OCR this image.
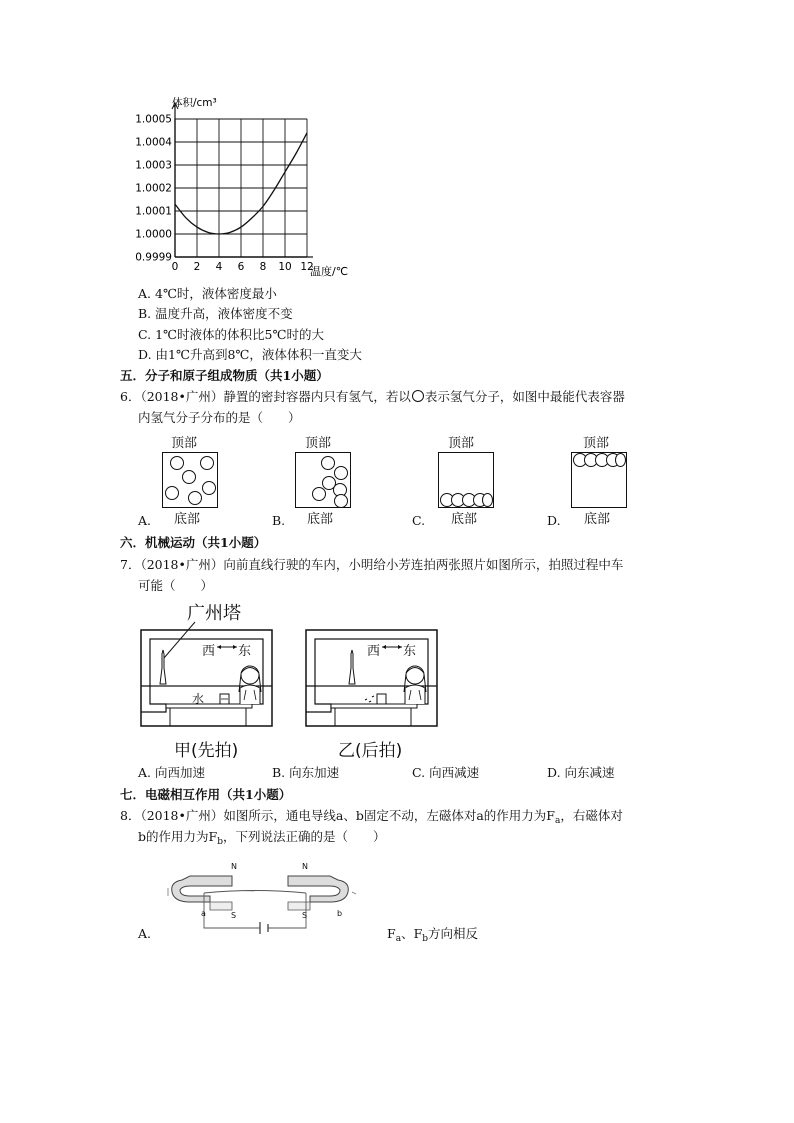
0 2 4 6 8 10 12
0.9999
1.0000
1.0001
1.0002
1.0003
1.0004
1.0005
体积/cm³
温度/℃
A. 4℃时，液体密度最小
B. 温度升高，液体密度不变
C. 1℃时液体的体积比5℃时的大
D. 由1℃升高到8℃，液体体积一直变大
五．分子和原子组成物质（共1小题）
6．（2018•广州）静置的密封容器内只有氢气，若以 表示氢气分子，如图中最能代表容器
内氢气分子分布的是（　　）
顶部
A. 底部
顶部
B. 底部
顶部
C. 底部
顶部
D. 底部
六．机械运动（共1小题）
7．（2018•广州）向前直线行驶的车内，小明给小芳连拍两张照片如图所示，拍照过程中车
可能（　　）
广州塔
西 东
水
甲(先拍)
西 东
乙(后拍)
A. 向西加速	B. 向东加速	C. 向西减速	D. 向东减速
七．电磁相互作用（共1小题）
8．（2018•广州）如图所示，通电导线a、b固定不动，左磁体对a的作用力为$F_a$，右磁体对
b的作用力为$F_b$，下列说法正确的是（　　）
N	N
S	S
a	b
A.	$F_a$、$F_b$方向相反
